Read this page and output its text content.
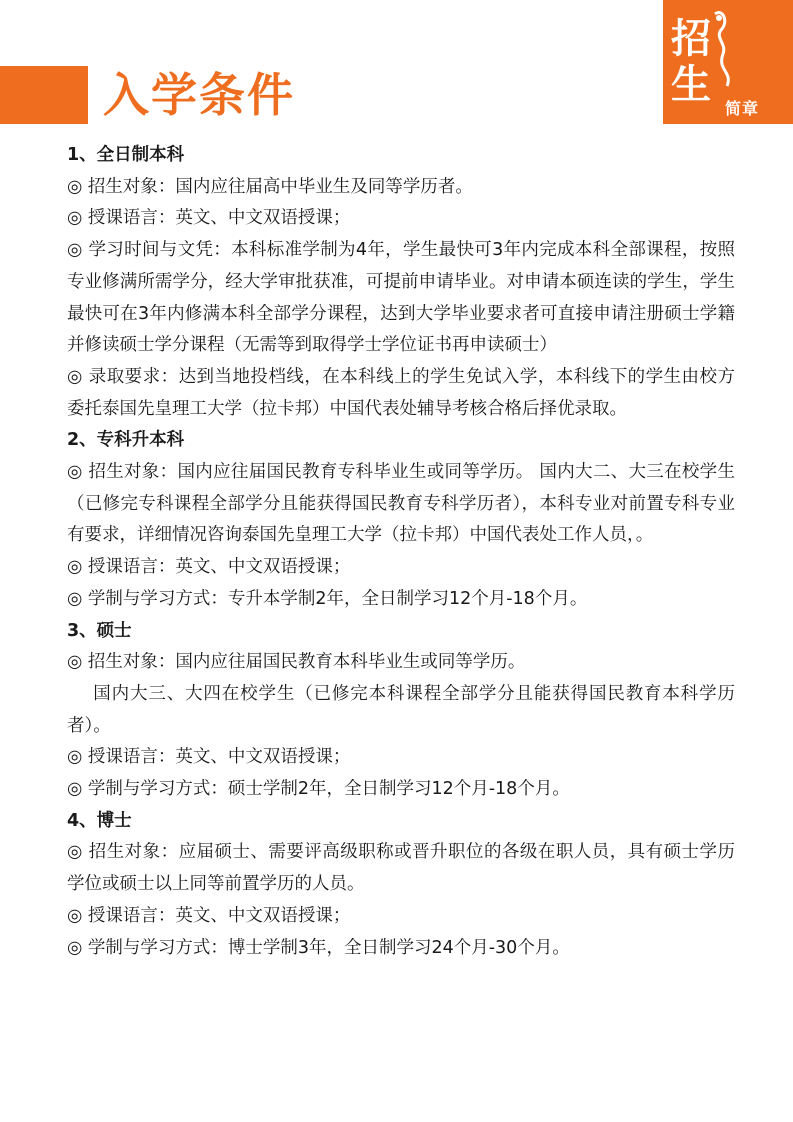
入学条件
招
生
简章
1、全日制本科

◎ 招生对象：国内应往届高中毕业生及同等学历者。

◎ 授课语言：英文、中文双语授课；

◎ 学习时间与文凭：本科标准学制为4年，学生最快可3年内完成本科全部课程，按照专业修满所需学分，经大学审批获准，可提前申请毕业。对申请本硕连读的学生，学生最快可在3年内修满本科全部学分课程，达到大学毕业要求者可直接申请注册硕士学籍并修读硕士学分课程（无需等到取得学士学位证书再申读硕士）

◎ 录取要求：达到当地投档线，在本科线上的学生免试入学，本科线下的学生由校方委托泰国先皇理工大学（拉卡邦）中国代表处辅导考核合格后择优录取。

2、专科升本科

◎ 招生对象：国内应往届国民教育专科毕业生或同等学历。 国内大二、大三在校学生（已修完专科课程全部学分且能获得国民教育专科学历者），本科专业对前置专科专业有要求，详细情况咨询泰国先皇理工大学（拉卡邦）中国代表处工作人员，。

◎ 授课语言：英文、中文双语授课；

◎ 学制与学习方式：专升本学制2年，全日制学习12个月-18个月。

3、硕士

◎ 招生对象：国内应往届国民教育本科毕业生或同等学历。

国内大三、大四在校学生（已修完本科课程全部学分且能获得国民教育本科学历者）。

◎ 授课语言：英文、中文双语授课；

◎ 学制与学习方式：硕士学制2年，全日制学习12个月-18个月。

4、博士

◎ 招生对象：应届硕士、需要评高级职称或晋升职位的各级在职人员，具有硕士学历学位或硕士以上同等前置学历的人员。

◎ 授课语言：英文、中文双语授课；

◎ 学制与学习方式：博士学制3年，全日制学习24个月-30个月。
